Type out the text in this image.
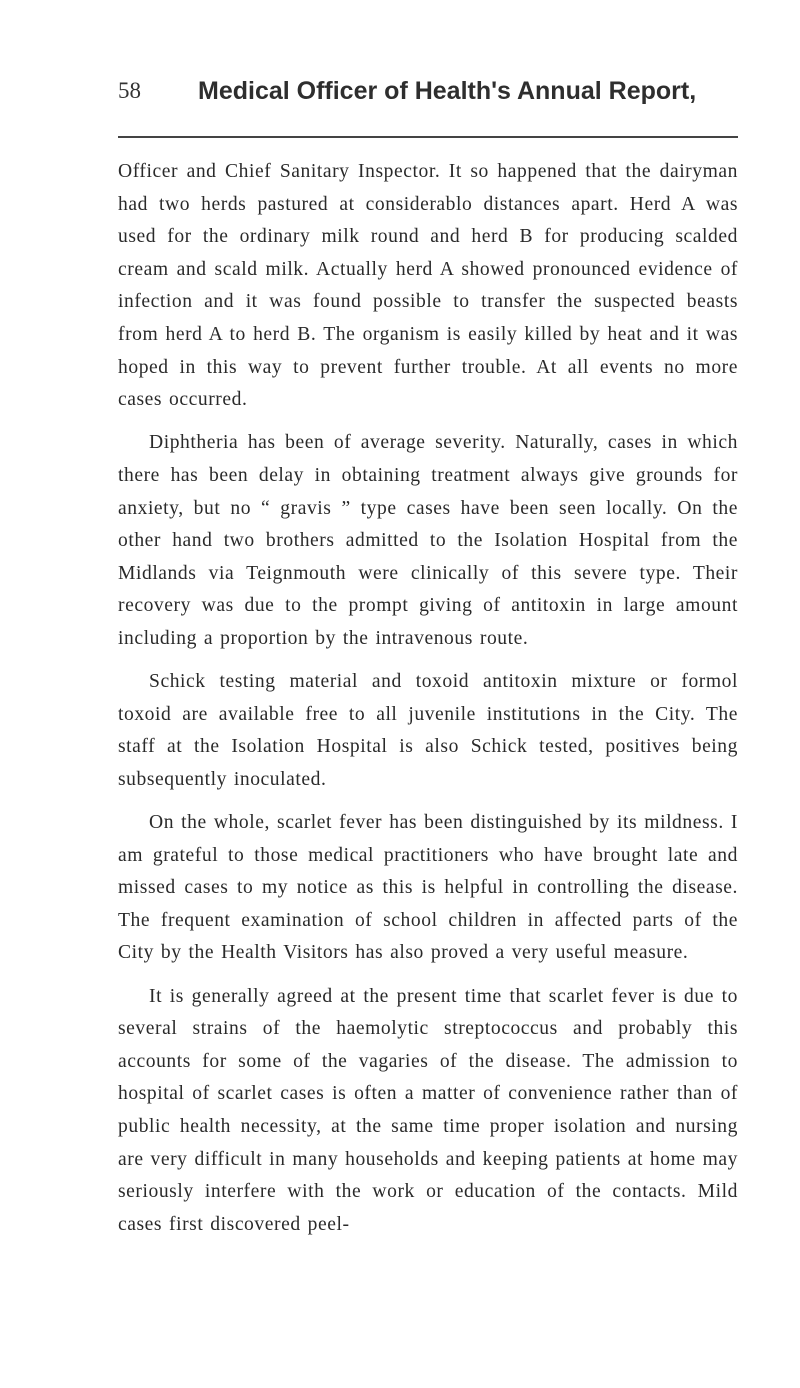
58 Medical Officer of Health's Annual Report,

Officer and Chief Sanitary Inspector. It so happened that the dairyman had two herds pastured at considerablo distances apart. Herd A was used for the ordinary milk round and herd B for producing scalded cream and scald milk. Actually herd A showed pronounced evidence of infection and it was found possible to transfer the suspected beasts from herd A to herd B. The organism is easily killed by heat and it was hoped in this way to prevent further trouble. At all events no more cases occurred.

Diphtheria has been of average severity. Naturally, cases in which there has been delay in obtaining treatment always give grounds for anxiety, but no “ gravis ” type cases have been seen locally. On the other hand two brothers admitted to the Isolation Hospital from the Midlands via Teignmouth were clinically of this severe type. Their recovery was due to the prompt giving of antitoxin in large amount including a proportion by the intravenous route.

Schick testing material and toxoid antitoxin mixture or formol toxoid are available free to all juvenile institutions in the City. The staff at the Isolation Hospital is also Schick tested, positives being subsequently inoculated.

On the whole, scarlet fever has been distinguished by its mildness. I am grateful to those medical practitioners who have brought late and missed cases to my notice as this is helpful in controlling the disease. The frequent examination of school children in affected parts of the City by the Health Visitors has also proved a very useful measure.

It is generally agreed at the present time that scarlet fever is due to several strains of the haemolytic streptococcus and probably this accounts for some of the vagaries of the disease. The admission to hospital of scarlet cases is often a matter of convenience rather than of public health necessity, at the same time proper isolation and nursing are very difficult in many households and keeping patients at home may seriously interfere with the work or education of the contacts. Mild cases first discovered peel-
